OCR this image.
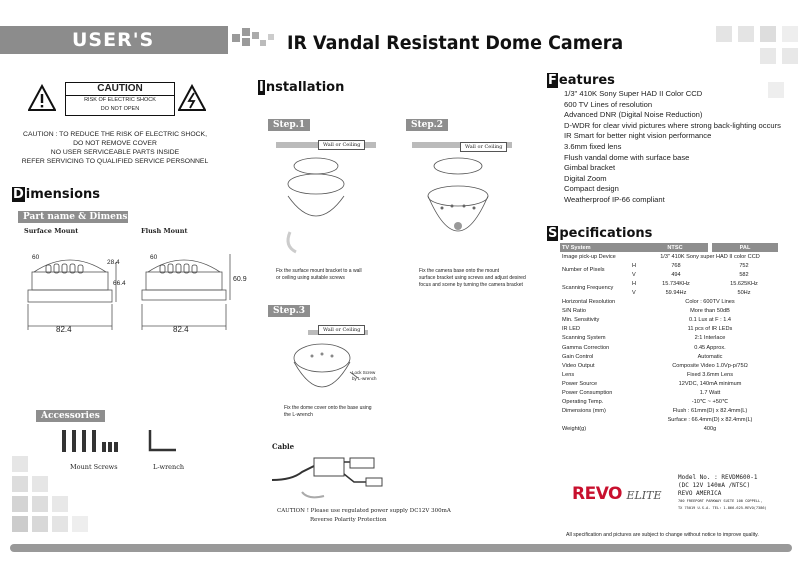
USER'S MANUAL
IR Vandal Resistant Dome Camera
CAUTION
RISK OF ELECTRIC SHOCK
DO NOT OPEN
CAUTION : TO REDUCE THE RISK OF ELECTRIC SHOCK,
DO NOT REMOVE COVER
NO USER SERVICEABLE PARTS INSIDE
REFER SERVICING TO QUALIFIED SERVICE PERSONNEL
D imensions
Part name & Dimension
Surface Mount	Flush Mount
60
28.4
66.4
82.4
60
60.9
82.4
Accessories
Mount Screws	L-wrench
I nstallation
Step.1	Step.2
Step.3
Wall or Ceiling	Wall or Ceiling
Fix the surface mount bracket to a wall
or ceiling using suitable screws
Fix the camera base onto the mount
surface bracket using screws and adjust desired
focus and scene by turning the camera bracket
Wall or Ceiling
Lock Screw
by L-wrench
Fix the dome cover onto the base using
the L-wrench
Cable
CAUTION ! Please use regulated power supply DC12V 300mA
Reverse Polarity Protection
F eatures
1/3" 410K Sony Super HAD II Color CCD
600 TV Lines of resolution
Advanced DNR (Digital Noise Reduction)
D-WDR for clear vivid pictures where strong back-lighting occurs
IR Smart for better night vision performance
3.6mm fixed lens
Flush vandal dome with surface base
Gimbal bracket
Digital Zoom
Compact design
Weatherproof IP-66 compliant
S pecifications
TV System		NTSC	PAL
Image pick-up Device		1/3" 410K Sony super HAD II color CCD	
Number of Pixels	H	768	752
	V	494	582
Scanning Frequency	H	15.734KHz	15.625KHz
	V	59.94Hz	50Hz
Horizontal Resolution		Color : 600TV Lines	
S/N Ratio		More than 50dB	
Min. Sensitivity		0.1 Lux at F : 1.4	
IR LED		11 pcs of IR LEDs	
Scanning System		2:1 Interlace	
Gamma Correction		0.45 Approx.	
Gain Control		Automatic	
Video Output		Composite Video 1.0Vp-p/75Ω	
Lens		Fixed 3.6mm Lens	
Power Source		12VDC, 140mA minimum	
Power Consumption		1.7 Watt	
Operating Temp.		-10℃ ~ +50℃	
Dimensions (mm)		Flush : 61mm(D) x 82.4mm(L)	
		Surface : 66.4mm(D) x 82.4mm(L)	
Weight(g)		400g	
REVO ELITE
Model No. : REVDM600-1
(DC 12V 140mA /NTSC)
REVO AMERICA
700 FREEPORT PARKWAY SUITE 100 COPPELL,
TX 75019 U.S.A. TEL: 1-866-625-REVO(7386)
All specification and pictures are subject to change without notice to improve quality.
